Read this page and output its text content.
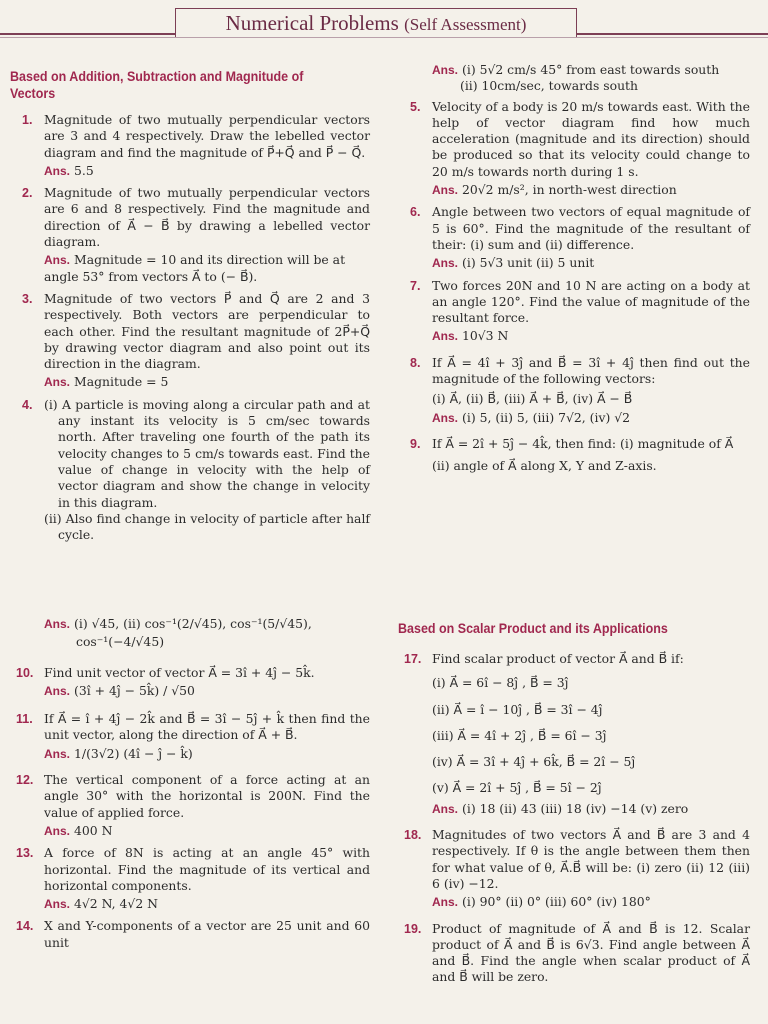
Numerical Problems (Self Assessment)
Based on Addition, Subtraction and Magnitude of Vectors
1. Magnitude of two mutually perpendicular vectors are 3 and 4 respectively. Draw the lebelled vector diagram and find the magnitude of P⃗+Q⃗ and P⃗ − Q⃗.
Ans. 5.5
2. Magnitude of two mutually perpendicular vectors are 6 and 8 respectively. Find the magnitude and direction of A⃗ − B⃗ by drawing a lebelled vector diagram.
Ans. Magnitude = 10 and its direction will be at angle 53° from vectors A⃗ to (− B⃗).
3. Magnitude of two vectors P⃗ and Q⃗ are 2 and 3 respectively. Both vectors are perpendicular to each other. Find the resultant magnitude of 2P⃗+Q⃗ by drawing vector diagram and also point out its direction in the diagram.
Ans. Magnitude = 5
4. (i) A particle is moving along a circular path and at any instant its velocity is 5 cm/sec towards north. After traveling one fourth of the path its velocity changes to 5 cm/s towards east. Find the value of change in velocity with the help of vector diagram and show the change in velocity in this diagram.
(ii) Also find change in velocity of particle after half cycle.
Ans. (i) 5√2 cm/s 45° from east towards south
(ii) 10cm/sec, towards south
5. Velocity of a body is 20 m/s towards east. With the help of vector diagram find how much acceleration (magnitude and its direction) should be produced so that its velocity could change to 20 m/s towards north during 1 s.
Ans. 20√2 m/s², in north-west direction
6. Angle between two vectors of equal magnitude of 5 is 60°. Find the magnitude of the resultant of their: (i) sum and (ii) difference.
Ans. (i) 5√3 unit (ii) 5 unit
7. Two forces 20N and 10 N are acting on a body at an angle 120°. Find the value of magnitude of the resultant force.
Ans. 10√3 N
8. If A⃗ = 4î + 3ĵ and B⃗ = 3î + 4ĵ then find out the magnitude of the following vectors:
(i) A⃗, (ii) B⃗, (iii) A⃗ + B⃗, (iv) A⃗ − B⃗
Ans. (i) 5, (ii) 5, (iii) 7√2, (iv) √2
9. If A⃗ = 2î + 5ĵ − 4k̂, then find: (i) magnitude of A⃗
(ii) angle of A⃗ along X, Y and Z-axis.
Ans. (i) √45, (ii) cos⁻¹(2/√45), cos⁻¹(5/√45),
cos⁻¹(−4/√45)
10. Find unit vector of vector A⃗ = 3î + 4ĵ − 5k̂.
Ans. (3î + 4ĵ − 5k̂) / √50
11. If A⃗ = î + 4ĵ − 2k̂ and B⃗ = 3î − 5ĵ + k̂ then find the unit vector, along the direction of A⃗ + B⃗.
Ans. 1/(3√2) (4î − ĵ − k̂)
12. The vertical component of a force acting at an angle 30° with the horizontal is 200N. Find the value of applied force.
Ans. 400 N
13. A force of 8N is acting at an angle 45° with horizontal. Find the magnitude of its vertical and horizontal components.
Ans. 4√2 N, 4√2 N
14. X and Y-components of a vector are 25 unit and 60 unit
Based on Scalar Product and its Applications
17. Find scalar product of vector A⃗ and B⃗ if:
(i) A⃗ = 6î − 8ĵ , B⃗ = 3ĵ
(ii) A⃗ = î − 10ĵ , B⃗ = 3î − 4ĵ
(iii) A⃗ = 4î + 2ĵ , B⃗ = 6î − 3ĵ
(iv) A⃗ = 3î + 4ĵ + 6k̂, B⃗ = 2î − 5ĵ
(v) A⃗ = 2î + 5ĵ , B⃗ = 5î − 2ĵ
Ans. (i) 18 (ii) 43 (iii) 18 (iv) −14 (v) zero
18. Magnitudes of two vectors A⃗ and B⃗ are 3 and 4 respectively. If θ is the angle between them then for what value of θ, A⃗.B⃗ will be: (i) zero (ii) 12 (iii) 6 (iv) −12.
Ans. (i) 90° (ii) 0° (iii) 60° (iv) 180°
19. Product of magnitude of A⃗ and B⃗ is 12. Scalar product of A⃗ and B⃗ is 6√3. Find angle between A⃗ and B⃗. Find the angle when scalar product of A⃗ and B⃗ will be zero.
